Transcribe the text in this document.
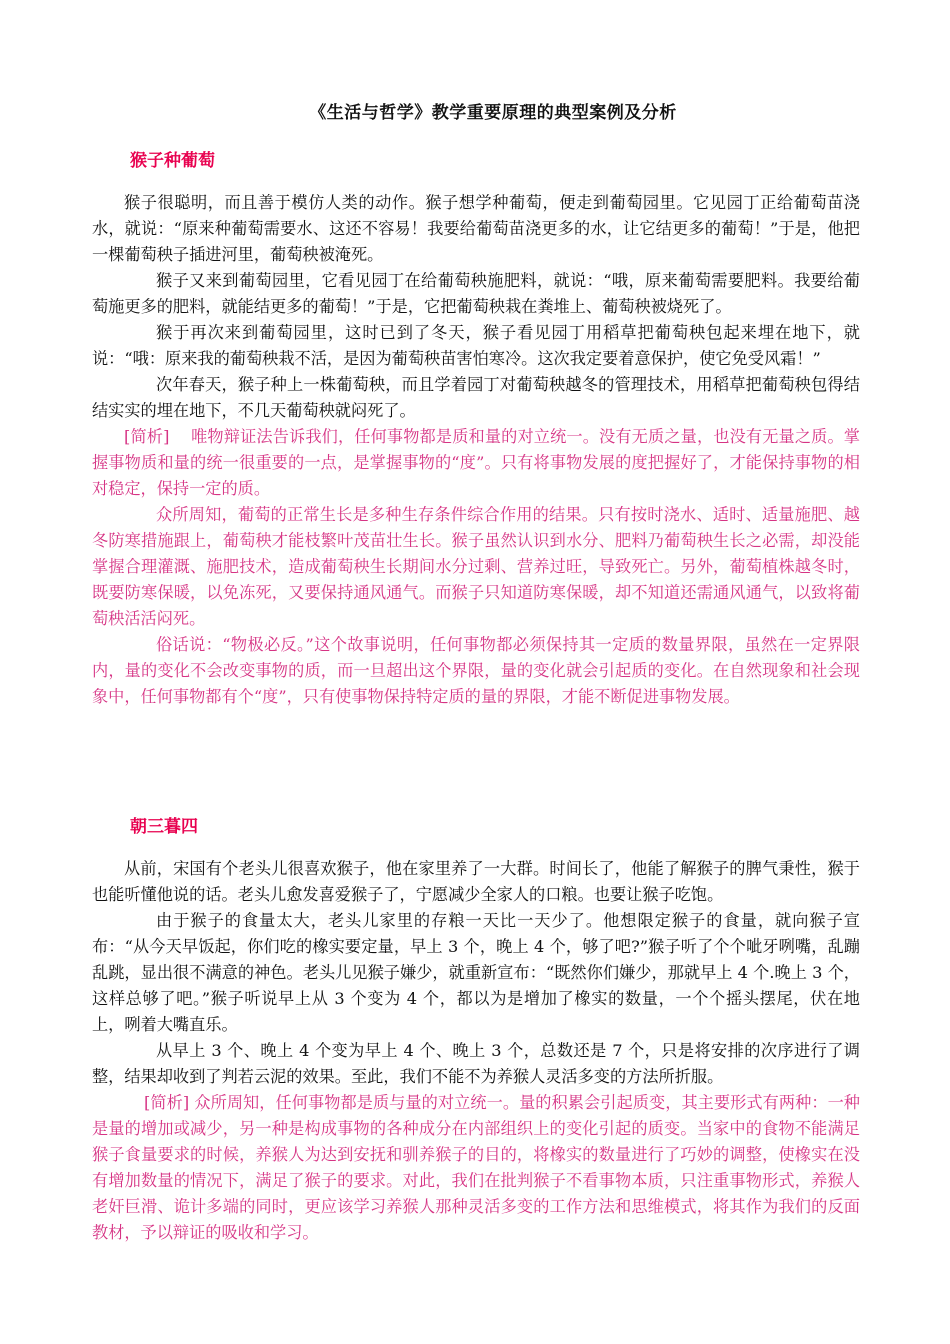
《生活与哲学》教学重要原理的典型案例及分析
猴子种葡萄

猴子很聪明，而且善于模仿人类的动作。猴子想学种葡萄，便走到葡萄园里。它见园丁正给葡萄苗浇水，就说：“原来种葡萄需要水、这还不容易！我要给葡萄苗浇更多的水，让它结更多的葡萄！”于是，他把一棵葡萄秧子插进河里，葡萄秧被淹死。

猴子又来到葡萄园里，它看见园丁在给葡萄秧施肥料，就说：“哦，原来葡萄需要肥料。我要给葡萄施更多的肥料，就能结更多的葡萄！”于是，它把葡萄秧栽在粪堆上、葡萄秧被烧死了。

猴于再次来到葡萄园里，这时已到了冬天，猴子看见园丁用稻草把葡萄秧包起来埋在地下，就说：“哦：原来我的葡萄秧栽不活，是因为葡萄秧苗害怕寒冷。这次我定要着意保护，使它免受风霜！”

次年春天，猴子种上一株葡萄秧，而且学着园丁对葡萄秧越冬的管理技术，用稻草把葡萄秧包得结结实实的埋在地下，不几天葡萄秧就闷死了。

[简析]　 唯物辩证法告诉我们，任何事物都是质和量的对立统一。没有无质之量，也没有无量之质。掌握事物质和量的统一很重要的一点，是掌握事物的“度”。只有将事物发展的度把握好了，才能保持事物的相对稳定，保持一定的质。

众所周知，葡萄的正常生长是多种生存条件综合作用的结果。只有按时浇水、适时、适量施肥、越冬防寒措施跟上，葡萄秧才能枝繁叶茂苗壮生长。猴子虽然认识到水分、肥料乃葡萄秧生长之必需，却没能掌握合理灌溉、施肥技术，造成葡萄秧生长期间水分过剩、营养过旺，导致死亡。另外，葡萄植株越冬时，既要防寒保暖，以免冻死，又要保持通风通气。而猴子只知道防寒保暖，却不知道还需通风通气，以致将葡萄秧活活闷死。

俗话说：“物极必反。”这个故事说明，任何事物都必须保持其一定质的数量界限，虽然在一定界限内，量的变化不会改变事物的质，而一旦超出这个界限，量的变化就会引起质的变化。在自然现象和社会现象中，任何事物都有个“度”，只有使事物保持特定质的量的界限，才能不断促进事物发展。

朝三暮四

从前，宋国有个老头儿很喜欢猴子，他在家里养了一大群。时间长了，他能了解猴子的脾气秉性，猴于也能听懂他说的话。老头儿愈发喜爱猴子了，宁愿减少全家人的口粮。也要让猴子吃饱。

由于猴子的食量太大，老头儿家里的存粮一天比一天少了。他想限定猴子的食量，就向猴子宣布：“从今天早饭起，你们吃的橡实要定量，早上 3 个，晚上 4 个，够了吧?”猴子听了个个呲牙咧嘴，乱蹦乱跳，显出很不满意的神色。老头儿见猴子嫌少，就重新宣布：“既然你们嫌少，那就早上 4 个.晚上 3 个，这样总够了吧。”猴子听说早上从 3 个变为 4 个，都以为是增加了橡实的数量，一个个摇头摆尾，伏在地上，咧着大嘴直乐。

从早上 3 个、晚上 4 个变为早上 4 个、晚上 3 个，总数还是 7 个，只是将安排的次序进行了调整，结果却收到了判若云泥的效果。至此，我们不能不为养猴人灵活多变的方法所折服。

[简析] 众所周知，任何事物都是质与量的对立统一。量的积累会引起质变，其主要形式有两种：一种是量的增加或减少，另一种是构成事物的各种成分在内部组织上的变化引起的质变。当家中的食物不能满足猴子食量要求的时候，养猴人为达到安抚和驯养猴子的目的，将橡实的数量进行了巧妙的调整，使橡实在没有增加数量的情况下，满足了猴子的要求。对此，我们在批判猴子不看事物本质，只注重事物形式，养猴人老奸巨滑、诡计多端的同时，更应该学习养猴人那种灵活多变的工作方法和思维模式，将其作为我们的反面教材，予以辩证的吸收和学习。
